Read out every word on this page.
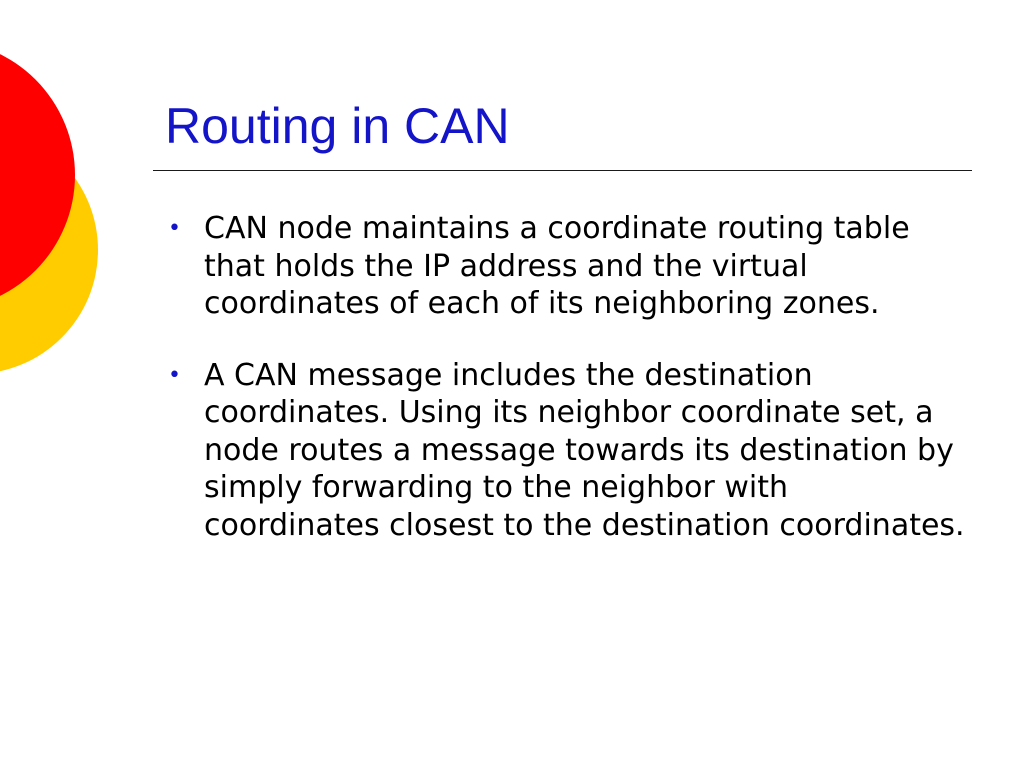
Routing in CAN
• CAN node maintains a coordinate routing table that holds the IP address and the virtual coordinates of each of its neighboring zones.
• A CAN message includes the destination coordinates. Using its neighbor coordinate set, a node routes a message towards its destination by simply forwarding to the neighbor with coordinates closest to the destination coordinates.
